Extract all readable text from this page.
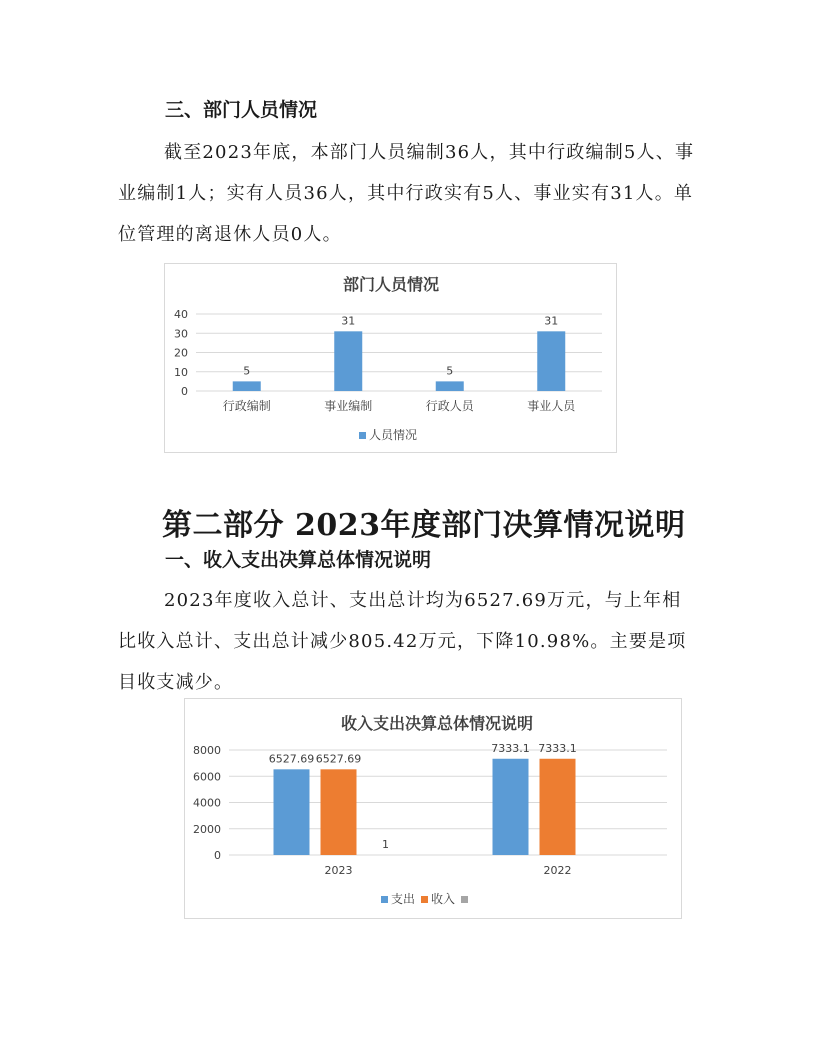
三、部门人员情况

截至2023年底，本部门人员编制36人，其中行政编制5人、事业编制1人；实有人员36人，其中行政实有5人、事业实有31人。单位管理的离退休人员0人。

部门人员情况
0
10
20
30
40
行政编制
5
事业编制
31
行政人员
5
事业人员
31
人员情况
第二部分 2023年度部门决算情况说明
一、收入支出决算总体情况说明

2023年度收入总计、支出总计均为6527.69万元，与上年相比收入总计、支出总计减少805.42万元，下降10.98%。主要是项目收支减少。

收入支出决算总体情况说明
0
2000
4000
6000
8000
2023
6527.69 6527.69
1
2022
7333.1 7333.1
支出 收入
